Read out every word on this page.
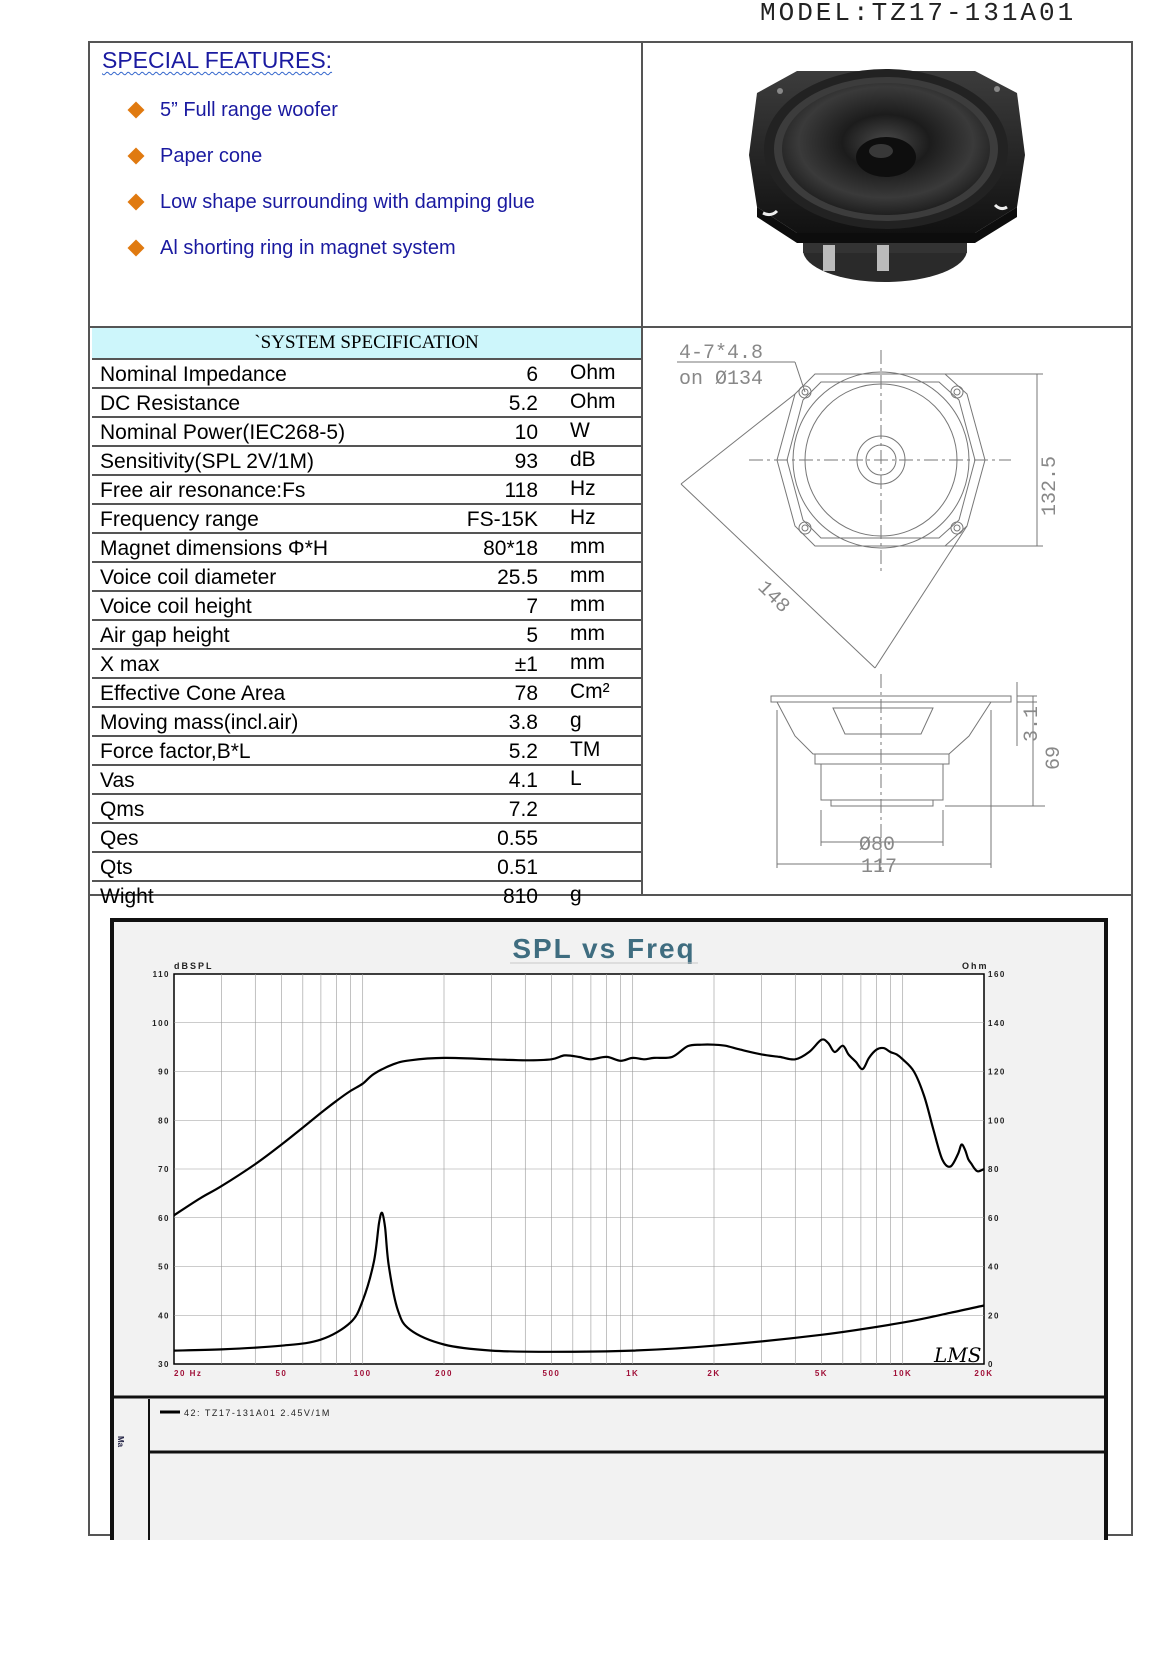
MODEL:TZ17-131A01
SPECIAL FEATURES:
5” Full range woofer
Paper cone
Low shape surrounding with damping glue
Al shorting ring in magnet system
`SYSTEM SPECIFICATION
Nominal Impedance	6 Ohm
DC Resistance	5.2 Ohm
Nominal Power(IEC268-5)	10 W
Sensitivity(SPL 2V/1M)	93 dB
Free air resonance:Fs	118 Hz
Frequency range	FS-15K Hz
Magnet dimensions Φ*H	80*18 mm
Voice coil diameter	25.5 mm
Voice coil height	7 mm
Air gap height	5 mm
X max	±1 mm
Effective Cone Area	78 Cm²
Moving mass(incl.air)	3.8 g
Force factor,B*L	5.2 TM
Vas	4.1 L
Qms	7.2
Qes	0.55
Qts	0.51
Wight	810 g
4-7*4.8
on Ø134
132.5
148
3.1
69
Ø80
117
SPL vs Freq
dBSPL	Ohm
30
40
50
60
70
80
90
100
110
0
20
40
60
80
100
120
140
160
20 Hz	50	100	200	500	1K	2K	5K	10K	20K
LMS
42: TZ17-131A01 2.45V/1M
Ma
